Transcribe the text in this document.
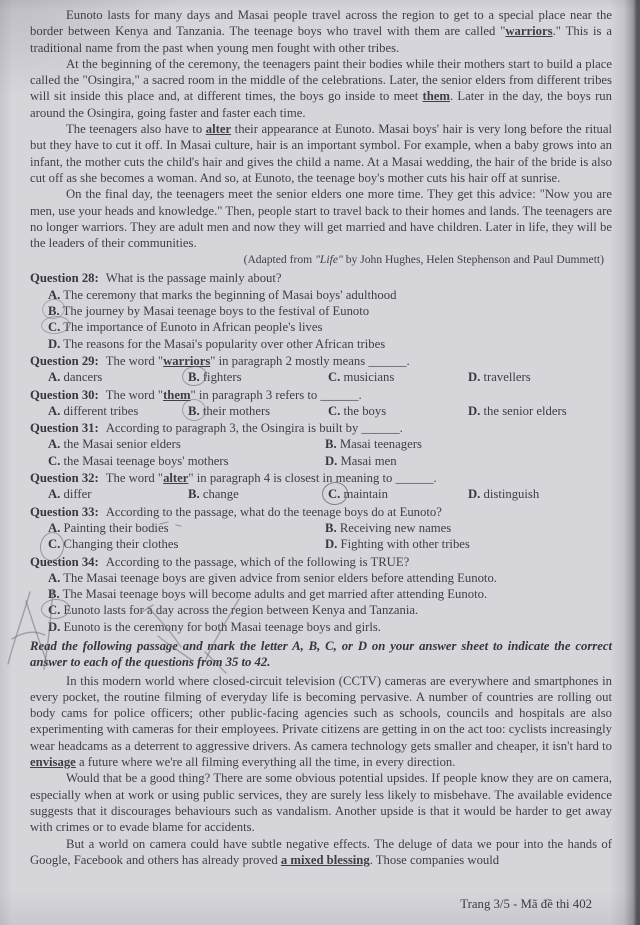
Eunoto lasts for many days and Masai people travel across the region to get to a special place near the border between Kenya and Tanzania. The teenage boys who travel with them are called "warriors." This is a traditional name from the past when young men fought with other tribes.

At the beginning of the ceremony, the teenagers paint their bodies while their mothers start to build a place called the "Osingira," a sacred room in the middle of the celebrations. Later, the senior elders from different tribes will sit inside this place and, at different times, the boys go inside to meet them. Later in the day, the boys run around the Osingira, going faster and faster each time.

The teenagers also have to alter their appearance at Eunoto. Masai boys' hair is very long before the ritual but they have to cut it off. In Masai culture, hair is an important symbol. For example, when a baby grows into an infant, the mother cuts the child's hair and gives the child a name. At a Masai wedding, the hair of the bride is also cut off as she becomes a woman. And so, at Eunoto, the teenage boy's mother cuts his hair off at sunrise.

On the final day, the teenagers meet the senior elders one more time. They get this advice: "Now you are men, use your heads and knowledge." Then, people start to travel back to their homes and lands. The teenagers are no longer warriors. They are adult men and now they will get married and have children. Later in life, they will be the leaders of their communities.

(Adapted from "Life" by John Hughes, Helen Stephenson and Paul Dummett)

Question 28: What is the passage mainly about?

A. The ceremony that marks the beginning of Masai boys' adulthood

B. The journey by Masai teenage boys to the festival of Eunoto

C. The importance of Eunoto in African people's lives

D. The reasons for the Masai's popularity over other African tribes

Question 29: The word "warriors" in paragraph 2 mostly means ______.

A. dancers	B. fighters	C. musicians	D. travellers

Question 30: The word "them" in paragraph 3 refers to ______.

A. different tribes	B. their mothers	C. the boys	D. the senior elders

Question 31: According to paragraph 3, the Osingira is built by ______.

A. the Masai senior elders	B. Masai teenagers
C. the Masai teenage boys' mothers	D. Masai men

Question 32: The word "alter" in paragraph 4 is closest in meaning to ______.

A. differ	B. change	C. maintain	D. distinguish

Question 33: According to the passage, what do the teenage boys do at Eunoto?

A. Painting their bodies	B. Receiving new names
C. Changing their clothes	D. Fighting with other tribes

Question 34: According to the passage, which of the following is TRUE?

A. The Masai teenage boys are given advice from senior elders before attending Eunoto.

B. The Masai teenage boys will become adults and get married after attending Eunoto.

C. Eunoto lasts for a day across the region between Kenya and Tanzania.

D. Eunoto is the ceremony for both Masai teenage boys and girls.

Read the following passage and mark the letter A, B, C, or D on your answer sheet to indicate the correct answer to each of the questions from 35 to 42.

In this modern world where closed-circuit television (CCTV) cameras are everywhere and smartphones in every pocket, the routine filming of everyday life is becoming pervasive. A number of countries are rolling out body cams for police officers; other public-facing agencies such as schools, councils and hospitals are also experimenting with cameras for their employees. Private citizens are getting in on the act too: cyclists increasingly wear headcams as a deterrent to aggressive drivers. As camera technology gets smaller and cheaper, it isn't hard to envisage a future where we're all filming everything all the time, in every direction.

Would that be a good thing? There are some obvious potential upsides. If people know they are on camera, especially when at work or using public services, they are surely less likely to misbehave. The available evidence suggests that it discourages behaviours such as vandalism. Another upside is that it would be harder to get away with crimes or to evade blame for accidents.

But a world on camera could have subtle negative effects. The deluge of data we pour into the hands of Google, Facebook and others has already proved a mixed blessing. Those companies would

Trang 3/5 - Mã đề thi 402
